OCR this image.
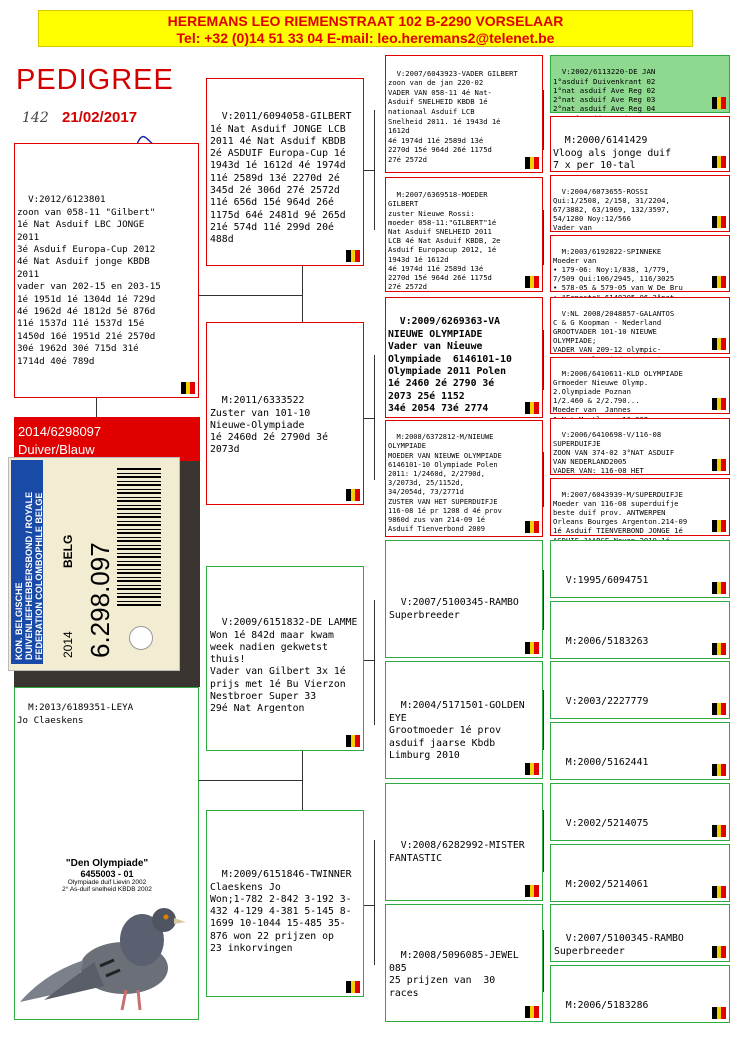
HEREMANS LEO RIEMENSTRAAT 102 B-2290 VORSELAAR
Tel: +32 (0)14 51 33 04 E-mail: leo.heremans2@telenet.be
PEDIGREE
142 21/02/2017

V:2012/6123801
zoon van 058-11 "Gilbert"
1é Nat Asduif LBC JONGE
2011
3é Asduif Europa-Cup 2012
4é Nat Asduif jonge KBDB
2011
vader van 202-15 en 203-15
1é 1951d 1é 1304d 1é 729d
4é 1962d 4é 1812d 5é 876d
11é 1537d 11é 1537d 15é
1450d 16é 1951d 21é 2570d
30é 1962d 30é 715d 31é
1714d 40é 789d

M:2013/6189351-LEYA
Jo Claeskens

2014/6298097
Duiver/Blauw
KON. BELGISCHE DUIVENLIEFHEBBERSBOND / ROYALE FEDERATION COLOMBOPHILE BELGE 2014
BELG 6.298.097
"Den Olympiade"
6455003 - 01
Olympiade duif Lievin 2002
2° As-duif snelheid KBDB 2002

V:2011/6094058-GILBERT
1é Nat Asduif JONGE LCB
2011 4é Nat Asduif KBDB
2é ASDUIF Europa-Cup 1é
1943d 1é 1612d 4é 1974d
11é 2589d 13é 2270d 2é
345d 2é 306d 27é 2572d
11é 656d 15é 964d 26é
1175d 64é 2481d 9é 265d
21é 574d 11é 299d 20é
488d

M:2011/6333522
Zuster van 101-10
Nieuwe-Olympiade
1é 2460d 2é 2790d 3é
2073d

V:2009/6151832-DE LAMME
Won 1é 842d maar kwam
week nadien gekwetst
thuis!
Vader van Gilbert 3x 1é
prijs met 1é Bu Vierzon
Nestbroer Super 33
29é Nat Argenton

M:2009/6151846-TWINNER
Claeskens Jo
Won;1-782 2-842 3-192 3-
432 4-129 4-381 5-145 8-
1699 10-1044 15-485 35-
876 won 22 prijzen op
23 inkorvingen

V:2007/6043923-VADER GILBERT
zoon van de jan 220-02
VADER VAN 058-11 4é Nat-
Asduif SNELHEID KBDB 1é
nationaal Asduif LCB
Snelheid 2011. 1é 1943d 1é
1612d
4é 1974d 11é 2589d 13é
2270d 15é 964d 26é 1175d
27é 2572d

M:2007/6369518-MOEDER
GILBERT
zuster Nieuwe Rossi:
moeder 058-11:"GILBERT"1é
Nat Asduif SNELHEID 2011
LCB 4é Nat Asduif KBDB, 2e
Asduif Europacup 2012, 1é
1943d 1é 1612d
4é 1974d 11é 2589d 13é
2270d 15é 964d 26é 1175d
27é 2572d

V:2009/6269363-VA
NIEUWE OLYMPIADE
Vader van Nieuwe
Olympiade  6146101-10
Olympiade 2011 Polen
1é 2460 2é 2790 3é
2073 25é 1152
34é 2054 73é 2774

M:2008/6372812-M/NIEUWE
OLYMPIADE
MOEDER VAN NIEUWE OLYMPIADE
6146101-10 Olympiade Polen
2011: 1/2460d, 2/2790d,
3/2073d, 25/1152d,
34/2054d, 73/2771d
ZUSTER VAN HET SUPERDUIFJE
116-08 1é pr 1208 d 4é prov
9860d zus van 214-09 1é
Asduif Tienverbond 2009

V:2007/5100345-RAMBO
Superbreeder

M:2004/5171501-GOLDEN
EYE
Grootmoeder 1é prov
asduif jaarse Kbdb
Limburg 2010

V:2008/6282992-MISTER
FANTASTIC

M:2008/5096085-JEWEL
085
25 prijzen van  30
races

V:2002/6113220-DE JAN
1°asduif Duivenkrant 02
1°nat asduif Ave Reg 02
2°nat asduif Ave Reg 03
2°nat asduif Ave Reg 04

M:2000/6141429
Vloog als jonge duif
7 x per 10-tal

V:2004/6073655-ROSSI
Qui:1/2508, 2/158, 31/2204,
67/3882, 63/1969, 132/3597,
54/1280 Noy:12/566
Vader van

M:2003/6192822-SPINNEKE
Moeder van
• 179-06: Noy:1/838, 1/779,
7/509 Qui:106/2945, 116/3025
• 578-05 & 579-05 van W De Bru

V:NL 2008/2048857-GALANTOS
C & G Koopman - Nederland
GROOTVADER 101-10 NIEUWE
OLYMPIADE;
VADER VAN 209-12 olympic-

M:2006/6410611-KLD OLYMPIADE
Grmoeder Nieuwe Olymp.
2.Olympiade Poznan
1/2.460 & 2/2.790...
Moeder van  Jannes

V:2006/6410698-V/116-08
SUPERDUIFJE
ZOON VAN 374-02 3°NAT ASDUIF
VAN NEDERLAND2005
VADER VAN: 116-08 HET

M:2007/6043939-M/SUPERDUIFJE
Moeder van 116-08 superduifje
beste duif prov. ANTWERPEN
Orleans Bourges Argenton.214-09
1é Asduif TIENVERBOND JONGE 1é

V:1995/6094751

M:2006/5183263

V:2003/2227779

M:2000/5162441

V:2002/5214075

M:2002/5214061

V:2007/5100345-RAMBO
Superbreeder

M:2006/5183286
